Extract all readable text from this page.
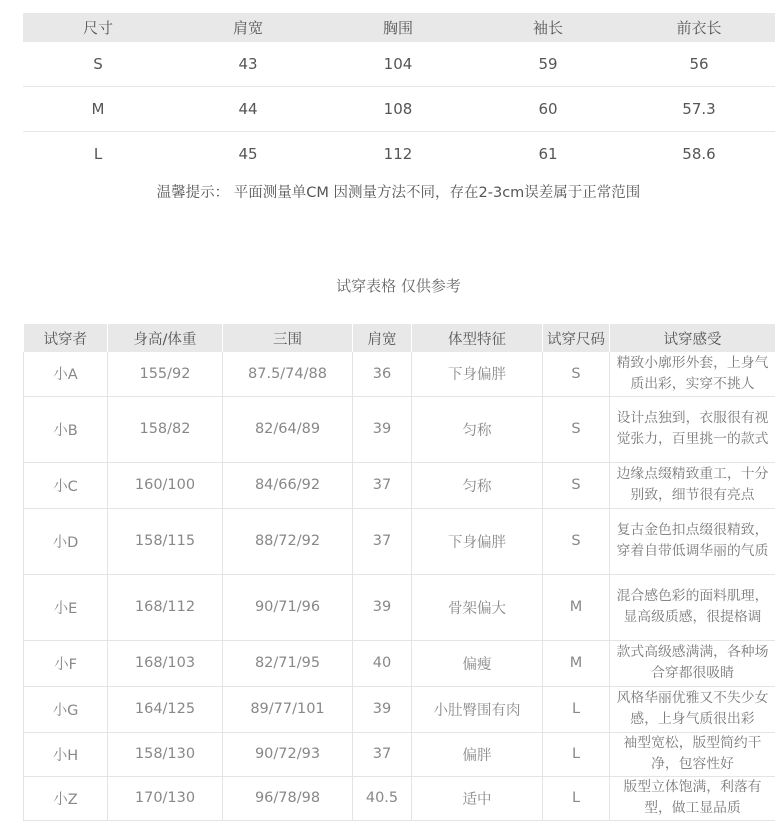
尺寸	肩宽	胸围	袖长	前衣长
S	43	104	59	56
M	44	108	60	57.3
L	45	112	61	58.6
温馨提示： 平面测量单CM 因测量方法不同，存在2-3cm误差属于正常范围
试穿表格 仅供参考
试穿者	身高/体重	三围	肩宽	体型特征	试穿尺码	试穿感受
小A	155/92	87.5/74/88	36	下身偏胖	S	精致小廓形外套，上身气质出彩，实穿不挑人
小B	158/82	82/64/89	39	匀称	S	设计点独到，衣服很有视觉张力，百里挑一的款式
小C	160/100	84/66/92	37	匀称	S	边缘点缀精致重工，十分别致，细节很有亮点
小D	158/115	88/72/92	37	下身偏胖	S	复古金色扣点缀很精致，穿着自带低调华丽的气质
小E	168/112	90/71/96	39	骨架偏大	M	混合感色彩的面料肌理，显高级质感，很提格调
小F	168/103	82/71/95	40	偏瘦	M	款式高级感满满，各种场合穿都很吸睛
小G	164/125	89/77/101	39	小肚臀围有肉	L	风格华丽优雅又不失少女感，上身气质很出彩
小H	158/130	90/72/93	37	偏胖	L	袖型宽松，版型简约干净，包容性好
小Z	170/130	96/78/98	40.5	适中	L	版型立体饱满，利落有型，做工显品质
